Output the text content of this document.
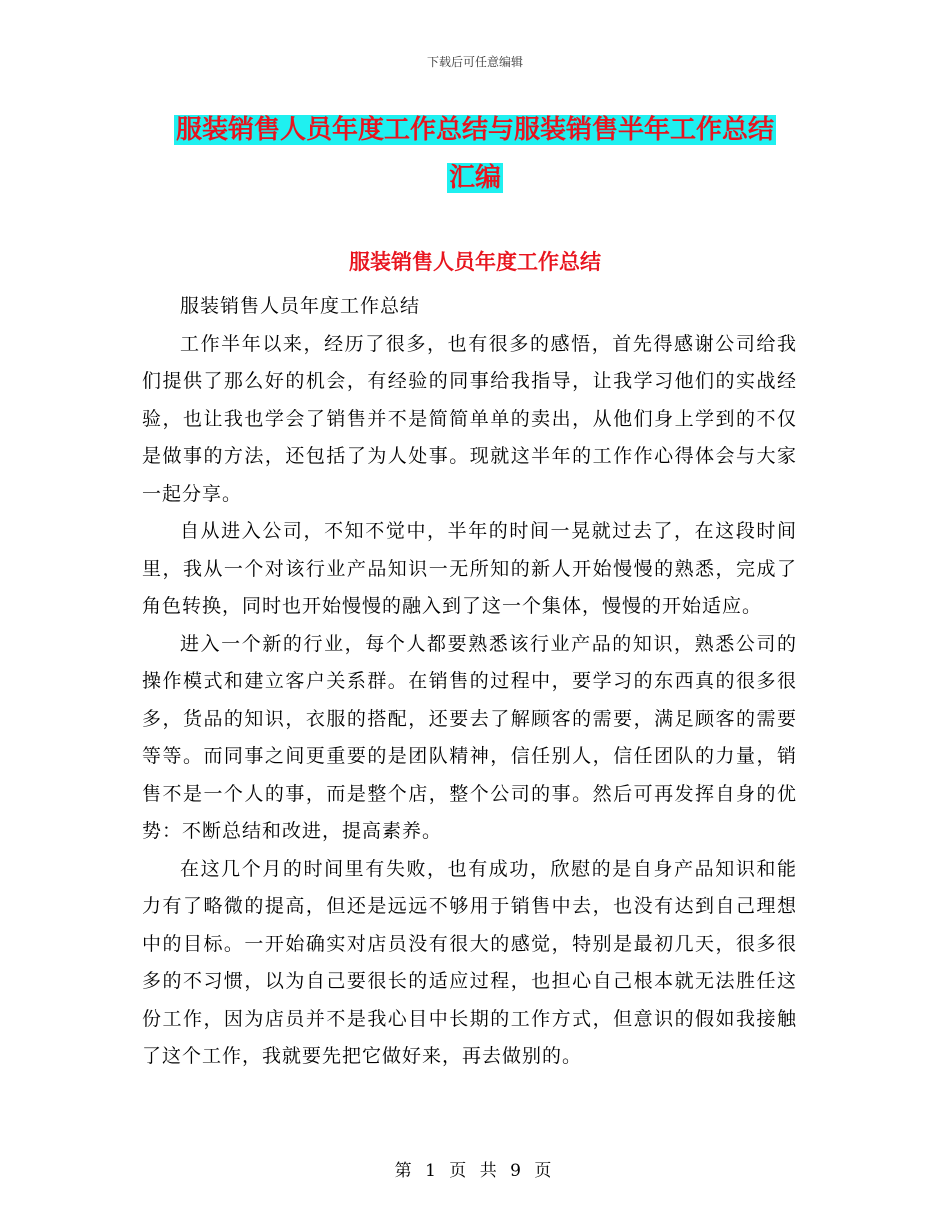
下载后可任意编辑
服装销售人员年度工作总结与服装销售半年工作总结
汇编
服装销售人员年度工作总结

服装销售人员年度工作总结

工作半年以来，经历了很多，也有很多的感悟，首先得感谢公司给我们提供了那么好的机会，有经验的同事给我指导，让我学习他们的实战经验，也让我也学会了销售并不是简简单单的卖出，从他们身上学到的不仅是做事的方法，还包括了为人处事。现就这半年的工作作心得体会与大家一起分享。

自从进入公司，不知不觉中，半年的时间一晃就过去了，在这段时间里，我从一个对该行业产品知识一无所知的新人开始慢慢的熟悉，完成了角色转换，同时也开始慢慢的融入到了这一个集体，慢慢的开始适应。

进入一个新的行业，每个人都要熟悉该行业产品的知识，熟悉公司的操作模式和建立客户关系群。在销售的过程中，要学习的东西真的很多很多，货品的知识，衣服的搭配，还要去了解顾客的需要，满足顾客的需要等等。而同事之间更重要的是团队精神，信任别人，信任团队的力量，销售不是一个人的事，而是整个店，整个公司的事。然后可再发挥自身的优势：不断总结和改进，提高素养。

在这几个月的时间里有失败，也有成功，欣慰的是自身产品知识和能力有了略微的提高，但还是远远不够用于销售中去，也没有达到自己理想中的目标。一开始确实对店员没有很大的感觉，特别是最初几天，很多很多的不习惯，以为自己要很长的适应过程，也担心自己根本就无法胜任这份工作，因为店员并不是我心目中长期的工作方式，但意识的假如我接触了这个工作，我就要先把它做好来，再去做别的。

第 1 页 共 9 页
